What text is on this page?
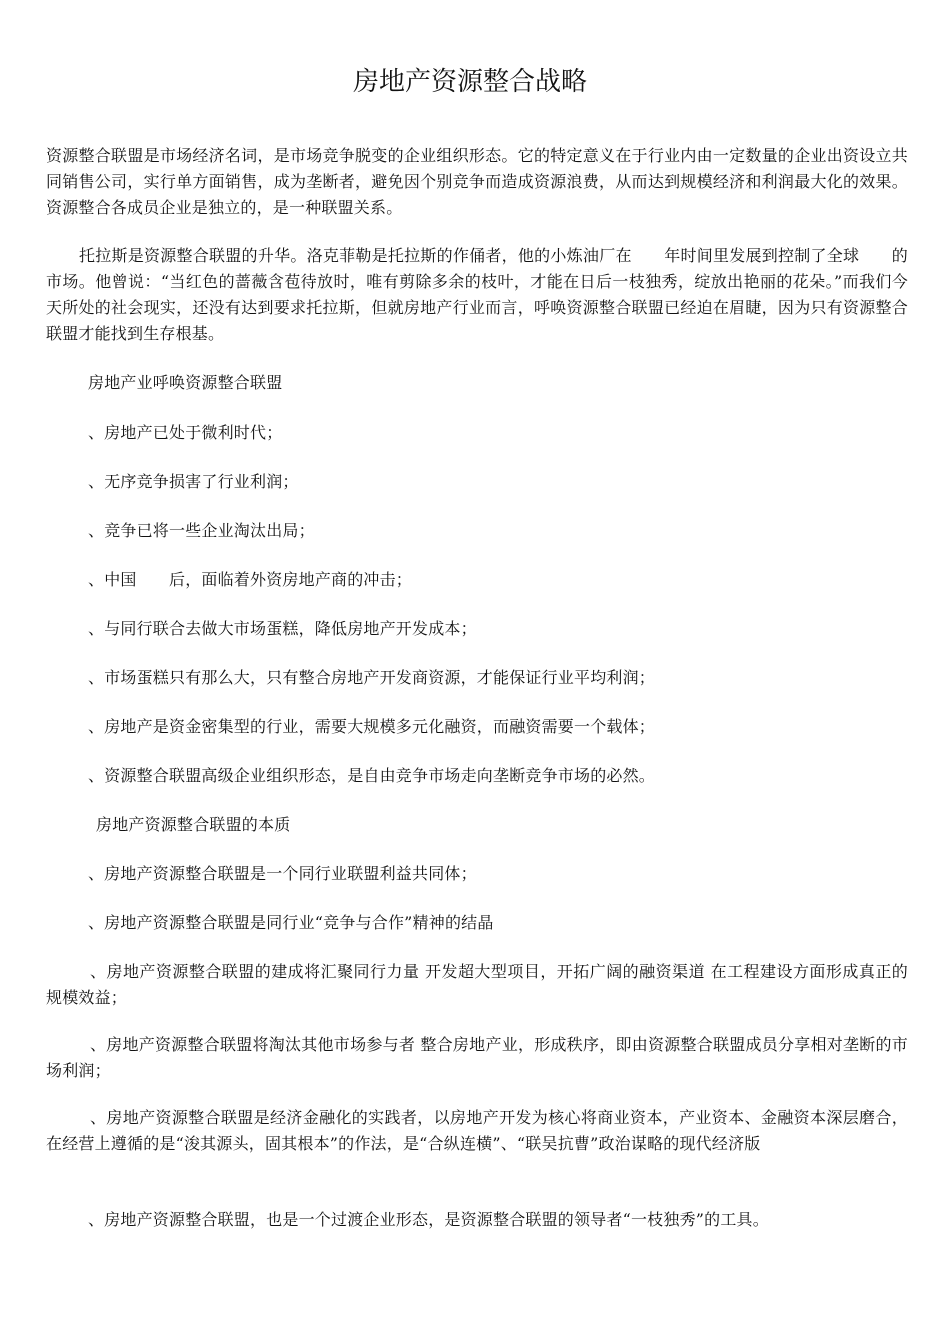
房地产资源整合战略
资源整合联盟是市场经济名词，是市场竞争脱变的企业组织形态。它的特定意义在于行业内由一定数量的企业出资设立共同销售公司，实行单方面销售，成为垄断者，避免因个别竞争而造成资源浪费，从而达到规模经济和利润最大化的效果。资源整合各成员企业是独立的，是一种联盟关系。
托拉斯是资源整合联盟的升华。洛克菲勒是托拉斯的作俑者，他的小炼油厂在　　年时间里发展到控制了全球　　的市场。他曾说：“当红色的蔷薇含苞待放时，唯有剪除多余的枝叶，才能在日后一枝独秀，绽放出艳丽的花朵。”而我们今天所处的社会现实，还没有达到要求托拉斯，但就房地产行业而言，呼唤资源整合联盟已经迫在眉睫，因为只有资源整合联盟才能找到生存根基。
房地产业呼唤资源整合联盟
、房地产已处于微利时代；
、无序竞争损害了行业利润；
、竞争已将一些企业淘汰出局；
、中国　　后，面临着外资房地产商的冲击；
、与同行联合去做大市场蛋糕，降低房地产开发成本；
、市场蛋糕只有那么大，只有整合房地产开发商资源，才能保证行业平均利润；
、房地产是资金密集型的行业，需要大规模多元化融资，而融资需要一个载体；
、资源整合联盟高级企业组织形态，是自由竞争市场走向垄断竞争市场的必然。
房地产资源整合联盟的本质
、房地产资源整合联盟是一个同行业联盟利益共同体；
、房地产资源整合联盟是同行业“竞争与合作”精神的结晶
、房地产资源整合联盟的建成将汇聚同行力量 开发超大型项目，开拓广阔的融资渠道 在工程建设方面形成真正的规模效益；
、房地产资源整合联盟将淘汰其他市场参与者 整合房地产业，形成秩序，即由资源整合联盟成员分享相对垄断的市场利润；
、房地产资源整合联盟是经济金融化的实践者，以房地产开发为核心将商业资本，产业资本、金融资本深层磨合，在经营上遵循的是“浚其源头，固其根本”的作法，是“合纵连横”、“联吴抗曹”政治谋略的现代经济版
、房地产资源整合联盟，也是一个过渡企业形态，是资源整合联盟的领导者“一枝独秀”的工具。
